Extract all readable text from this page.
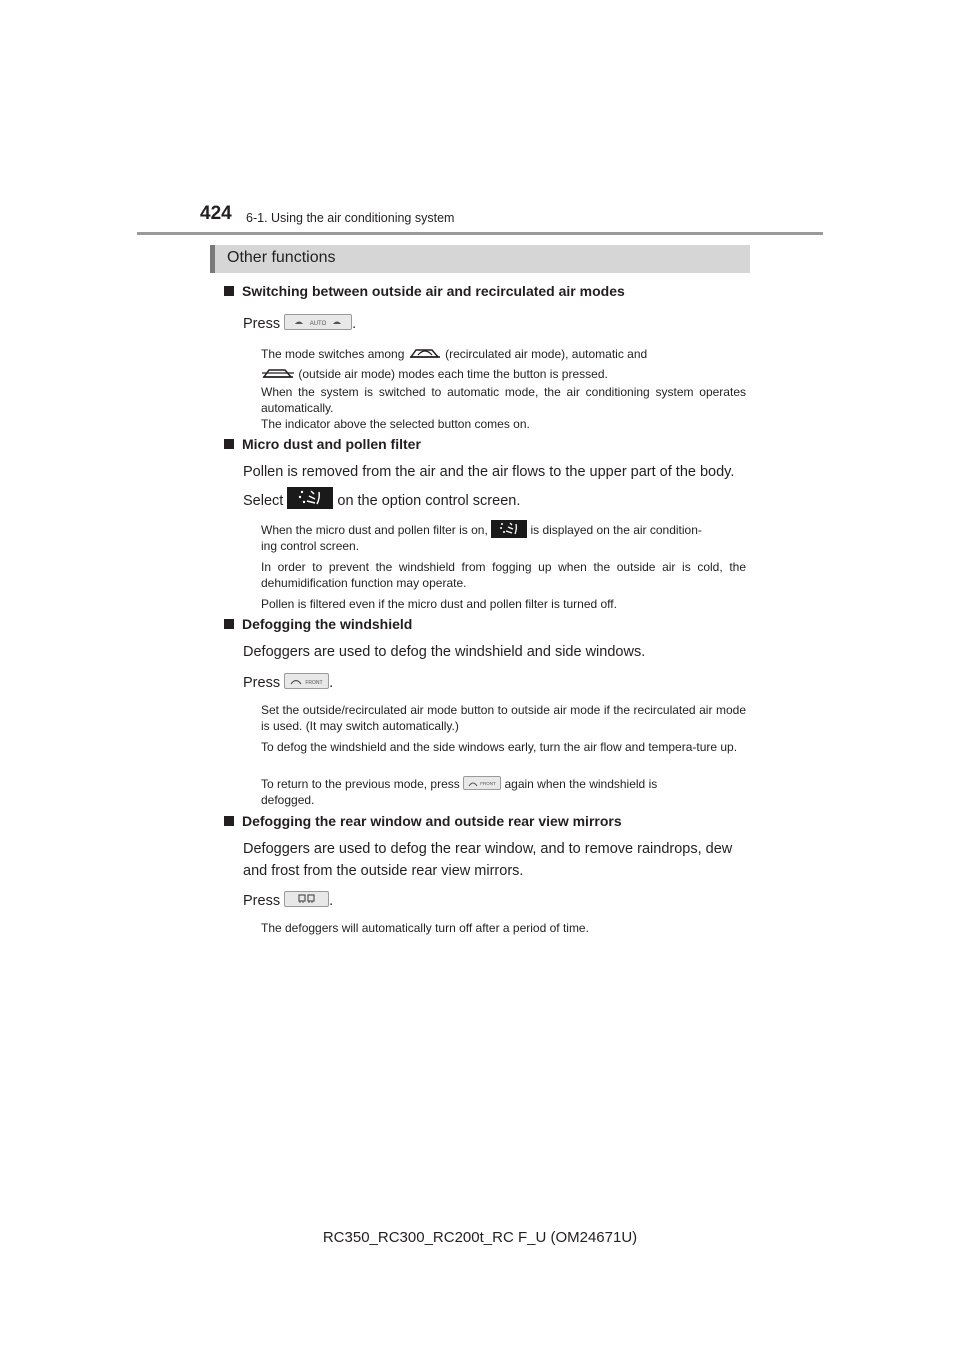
424 6-1. Using the air conditioning system
Other functions
Switching between outside air and recirculated air modes
Press	AUTO .
The mode switches among	(recirculated air mode), automatic and
(outside air mode) modes each time the button is pressed.
When the system is switched to automatic mode, the air conditioning system operates automatically.
The indicator above the selected button comes on.
Micro dust and pollen filter
Pollen is removed from the air and the air flows to the upper part of the body.
Select	on the option control screen.
When the micro dust and pollen filter is on,	is displayed on the air condition-
ing control screen.
In order to prevent the windshield from fogging up when the outside air is cold, the dehumidification function may operate.
Pollen is filtered even if the micro dust and pollen filter is turned off.
Defogging the windshield
Defoggers are used to defog the windshield and side windows.
Press	FRONT .
Set the outside/recirculated air mode button to outside air mode if the recirculated air mode is used. (It may switch automatically.)
To defog the windshield and the side windows early, turn the air flow and tempera-ture up.
To return to the previous mode, press	FRONT again when the windshield is
defogged.
Defogging the rear window and outside rear view mirrors
Defoggers are used to defog the rear window, and to remove raindrops, dew and frost from the outside rear view mirrors.
Press	.
The defoggers will automatically turn off after a period of time.
RC350_RC300_RC200t_RC F_U (OM24671U)
